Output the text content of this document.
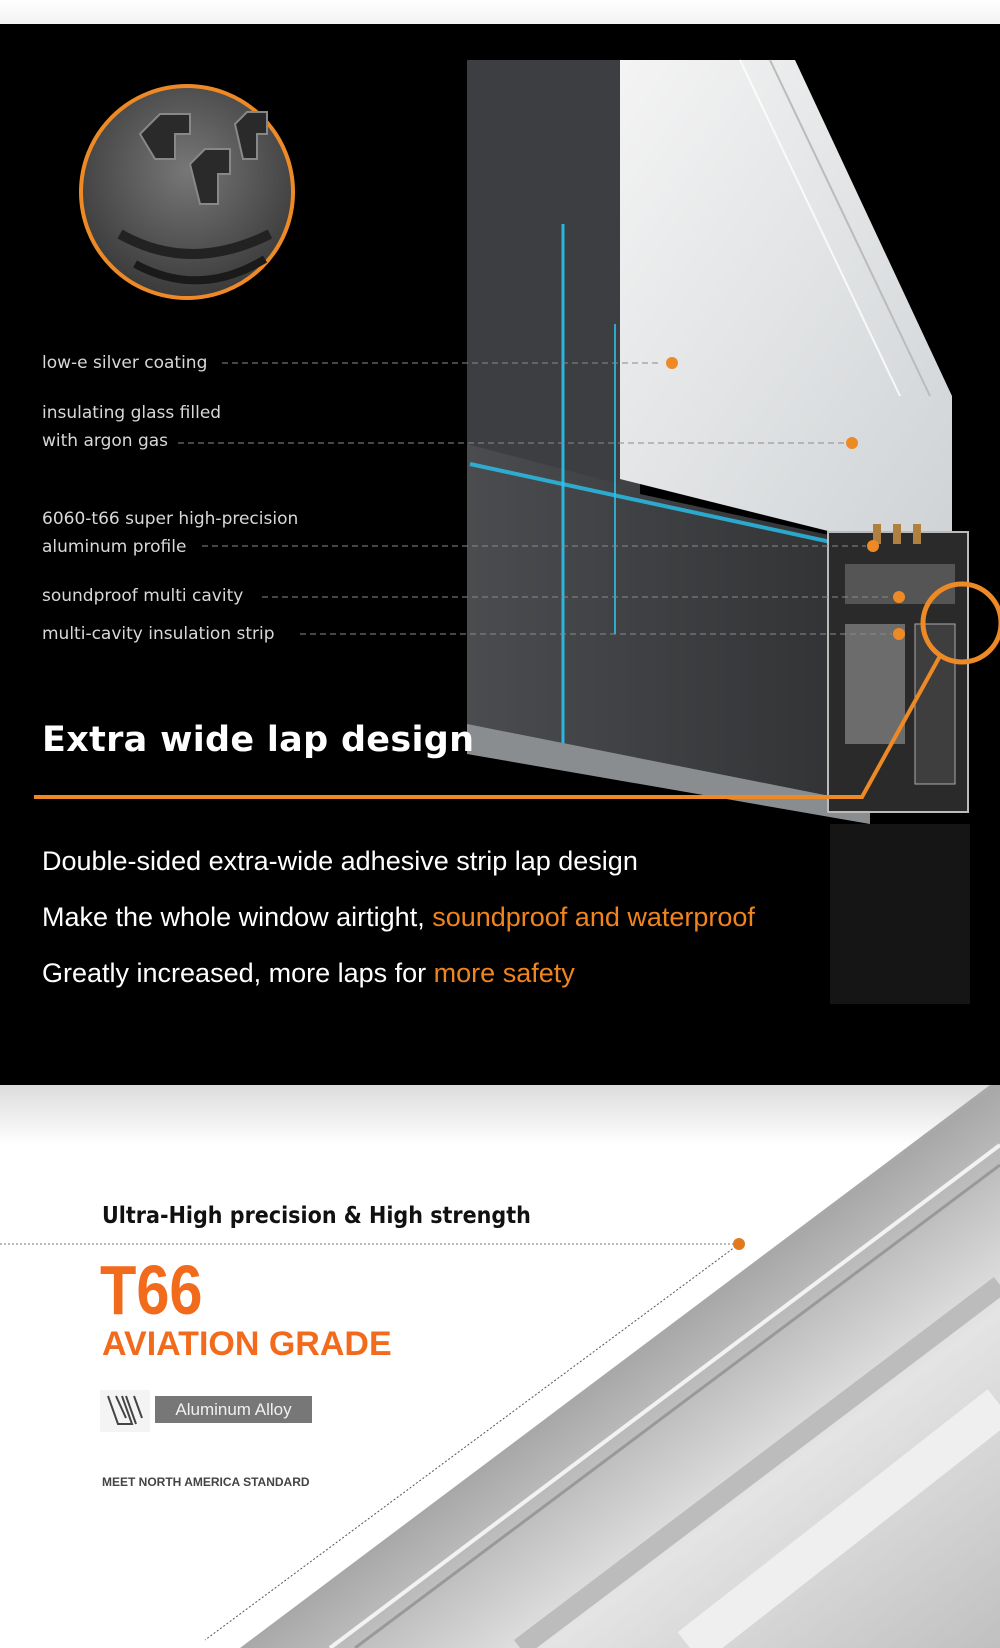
low-e silver coating
insulating glass filled
with argon gas
6060-t66 super high-precision
aluminum profile
soundproof multi cavity
multi-cavity insulation strip
Extra wide lap design
Double-sided extra-wide adhesive strip lap design
Make the whole window airtight, soundproof and waterproof
Greatly increased, more laps for more safety
Ultra-High precision & High strength
T66
AVIATION GRADE
Aluminum Alloy
MEET NORTH AMERICA STANDARD
